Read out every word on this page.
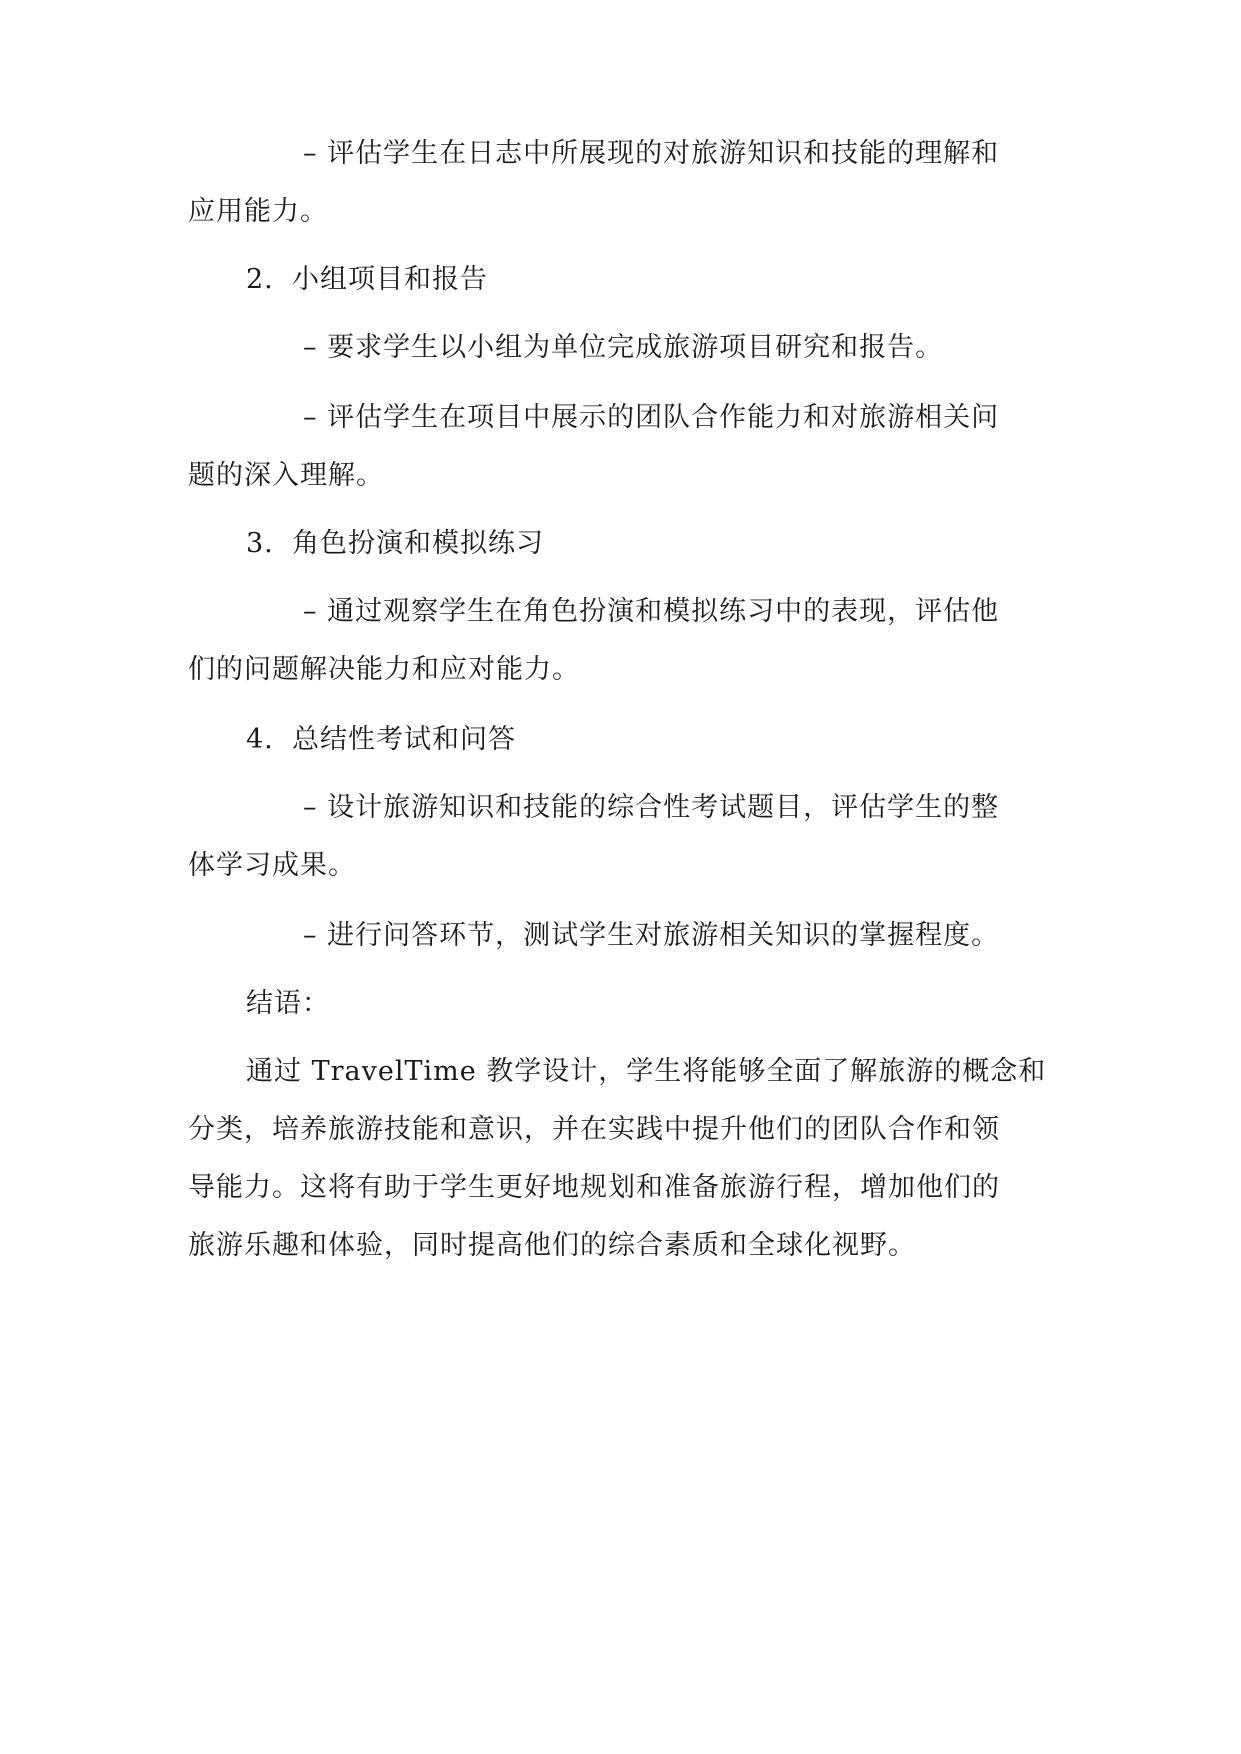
– 评估学生在日志中所展现的对旅游知识和技能的理解和
应用能力。
2. 小组项目和报告
– 要求学生以小组为单位完成旅游项目研究和报告。
– 评估学生在项目中展示的团队合作能力和对旅游相关问
题的深入理解。
3. 角色扮演和模拟练习
– 通过观察学生在角色扮演和模拟练习中的表现，评估他
们的问题解决能力和应对能力。
4. 总结性考试和问答
– 设计旅游知识和技能的综合性考试题目，评估学生的整
体学习成果。
– 进行问答环节，测试学生对旅游相关知识的掌握程度。
结语：
通过 TravelTime 教学设计，学生将能够全面了解旅游的概念和
分类，培养旅游技能和意识，并在实践中提升他们的团队合作和领
导能力。这将有助于学生更好地规划和准备旅游行程，增加他们的
旅游乐趣和体验，同时提高他们的综合素质和全球化视野。
